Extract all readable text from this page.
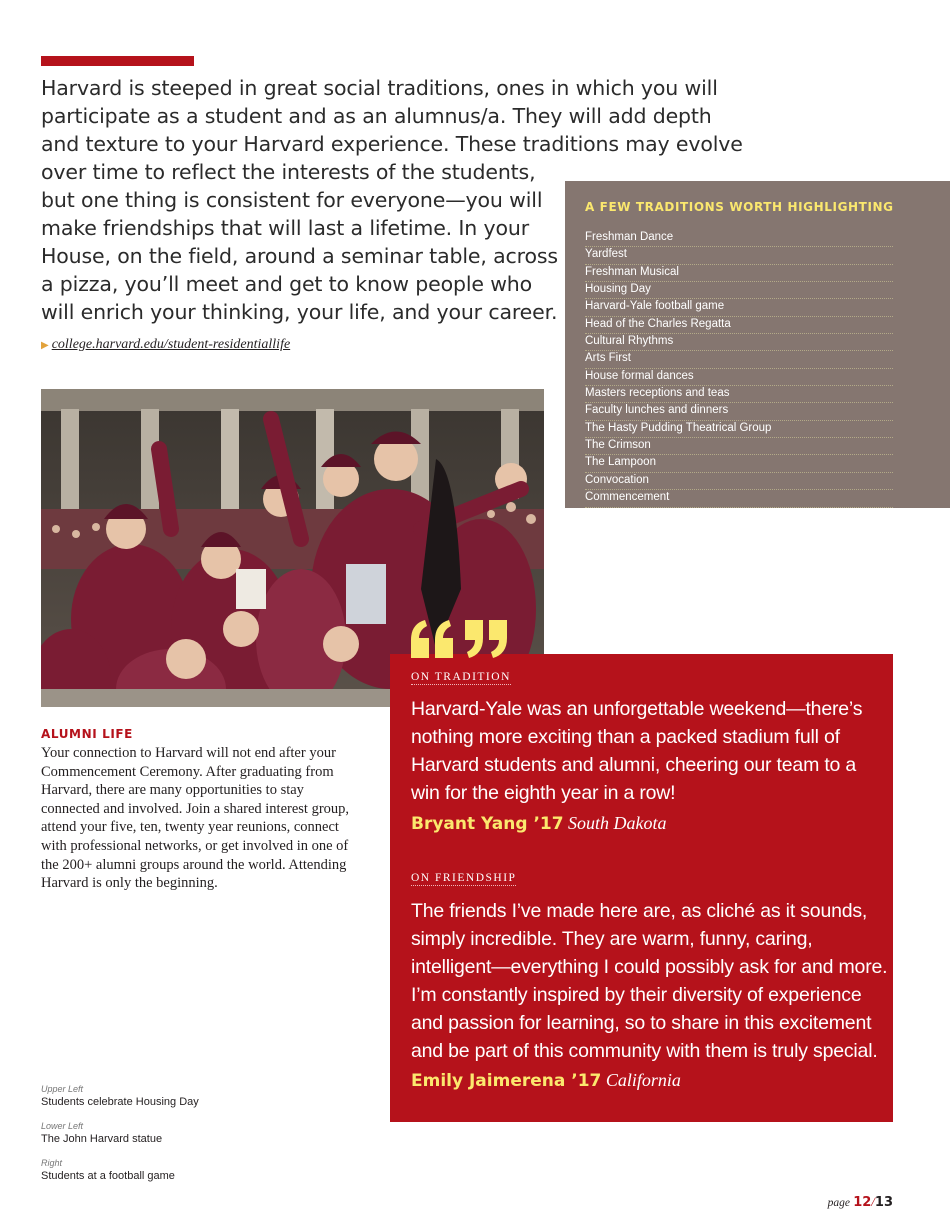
Harvard is steeped in great social traditions, ones in which you will
participate as a student and as an alumnus/a. They will add depth
and texture to your Harvard experience. These traditions may evolve
over time to reflect the interests of the students,
but one thing is consistent for everyone—you will
make friendships that will last a lifetime. In your
House, on the field, around a seminar table, across
a pizza, you’ll meet and get to know people who
will enrich your thinking, your life, and your career.
▶ college.harvard.edu/student-residentiallife
A FEW TRADITIONS WORTH HIGHLIGHTING
Freshman Dance
Yardfest
Freshman Musical
Housing Day
Harvard-Yale football game
Head of the Charles Regatta
Cultural Rhythms
Arts First
House formal dances
Masters receptions and teas
Faculty lunches and dinners
The Hasty Pudding Theatrical Group
The Crimson
The Lampoon
Convocation
Commencement
ALUMNI LIFE
Your connection to Harvard will not end after your
Commencement Ceremony. After graduating from
Harvard, there are many opportunities to stay
connected and involved. Join a shared interest group,
attend your five, ten, twenty year reunions, connect
with professional networks, or get involved in one of
the 200+ alumni groups around the world. Attending
Harvard is only the beginning.
ON TRADITION
Harvard-Yale was an unforgettable weekend—there’s
nothing more exciting than a packed stadium full of
Harvard students and alumni, cheering our team to a
win for the eighth year in a row!
Bryant Yang ’17 South Dakota
ON FRIENDSHIP
The friends I’ve made here are, as cliché as it sounds,
simply incredible. They are warm, funny, caring,
intelligent—everything I could possibly ask for and more.
I’m constantly inspired by their diversity of experience
and passion for learning, so to share in this excitement
and be part of this community with them is truly special.
Emily Jaimerena ’17 California
Upper Left
Students celebrate Housing Day
Lower Left
The John Harvard statue
Right
Students at a football game
page 12/13
